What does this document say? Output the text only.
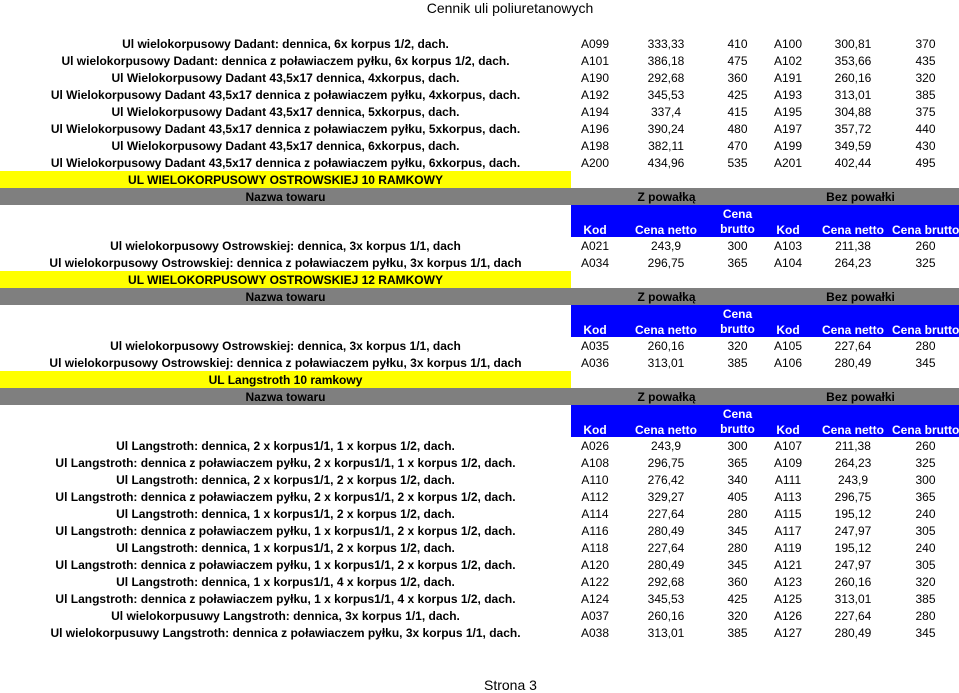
Cennik uli poliuretanowych
Ul wielokorpusowy Dadant: dennica, 6x korpus 1/2, dach.	A099	333,33	410	A100	300,81	370
Ul wielokorpusowy Dadant: dennica z poławiaczem pyłku, 6x korpus 1/2, dach.	A101	386,18	475	A102	353,66	435
Ul Wielokorpusowy Dadant 43,5x17 dennica, 4xkorpus, dach.	A190	292,68	360	A191	260,16	320
Ul Wielokorpusowy Dadant 43,5x17 dennica z poławiaczem pyłku, 4xkorpus, dach.	A192	345,53	425	A193	313,01	385
Ul Wielokorpusowy Dadant 43,5x17 dennica, 5xkorpus, dach.	A194	337,4	415	A195	304,88	375
Ul Wielokorpusowy Dadant 43,5x17 dennica z poławiaczem pyłku, 5xkorpus, dach.	A196	390,24	480	A197	357,72	440
Ul Wielokorpusowy Dadant 43,5x17 dennica, 6xkorpus, dach.	A198	382,11	470	A199	349,59	430
Ul Wielokorpusowy Dadant 43,5x17 dennica z poławiaczem pyłku, 6xkorpus, dach.	A200	434,96	535	A201	402,44	495
UL WIELOKORPUSOWY OSTROWSKIEJ 10 RAMKOWY						
Nazwa towaru	Z powałką			Bez powałki		
	Kod	Cena netto	Cena brutto	Kod	Cena netto	Cena brutto
Ul wielokorpusowy Ostrowskiej: dennica, 3x korpus 1/1, dach	A021	243,9	300	A103	211,38	260
Ul wielokorpusowy Ostrowskiej: dennica z poławiaczem pyłku, 3x korpus 1/1, dach	A034	296,75	365	A104	264,23	325
UL WIELOKORPUSOWY OSTROWSKIEJ 12 RAMKOWY						
Nazwa towaru	Z powałką			Bez powałki		
	Kod	Cena netto	Cena brutto	Kod	Cena netto	Cena brutto
Ul wielokorpusowy Ostrowskiej: dennica, 3x korpus 1/1, dach	A035	260,16	320	A105	227,64	280
Ul wielokorpusowy Ostrowskiej: dennica z poławiaczem pyłku, 3x korpus 1/1, dach	A036	313,01	385	A106	280,49	345
UL Langstroth 10 ramkowy						
Nazwa towaru	Z powałką			Bez powałki		
	Kod	Cena netto	Cena brutto	Kod	Cena netto	Cena brutto
Ul Langstroth: dennica, 2 x korpus1/1, 1 x korpus 1/2, dach.	A026	243,9	300	A107	211,38	260
Ul Langstroth: dennica z poławiaczem pyłku, 2 x korpus1/1, 1 x korpus 1/2, dach.	A108	296,75	365	A109	264,23	325
Ul Langstroth: dennica, 2 x korpus1/1, 2 x korpus 1/2, dach.	A110	276,42	340	A111	243,9	300
Ul Langstroth: dennica z poławiaczem pyłku, 2 x korpus1/1, 2 x korpus 1/2, dach.	A112	329,27	405	A113	296,75	365
Ul Langstroth: dennica, 1 x korpus1/1, 2 x korpus 1/2, dach.	A114	227,64	280	A115	195,12	240
Ul Langstroth: dennica z poławiaczem pyłku, 1 x korpus1/1, 2 x korpus 1/2, dach.	A116	280,49	345	A117	247,97	305
Ul Langstroth: dennica, 1 x korpus1/1, 2 x korpus 1/2, dach.	A118	227,64	280	A119	195,12	240
Ul Langstroth: dennica z poławiaczem pyłku, 1 x korpus1/1, 2 x korpus 1/2, dach.	A120	280,49	345	A121	247,97	305
Ul Langstroth: dennica, 1 x korpus1/1, 4 x korpus 1/2, dach.	A122	292,68	360	A123	260,16	320
Ul Langstroth: dennica z poławiaczem pyłku, 1 x korpus1/1, 4 x korpus 1/2, dach.	A124	345,53	425	A125	313,01	385
Ul wielokorpusuwy Langstroth: dennica, 3x korpus 1/1, dach.	A037	260,16	320	A126	227,64	280
Ul wielokorpusuwy Langstroth: dennica z poławiaczem pyłku, 3x korpus 1/1, dach.	A038	313,01	385	A127	280,49	345
Strona 3
